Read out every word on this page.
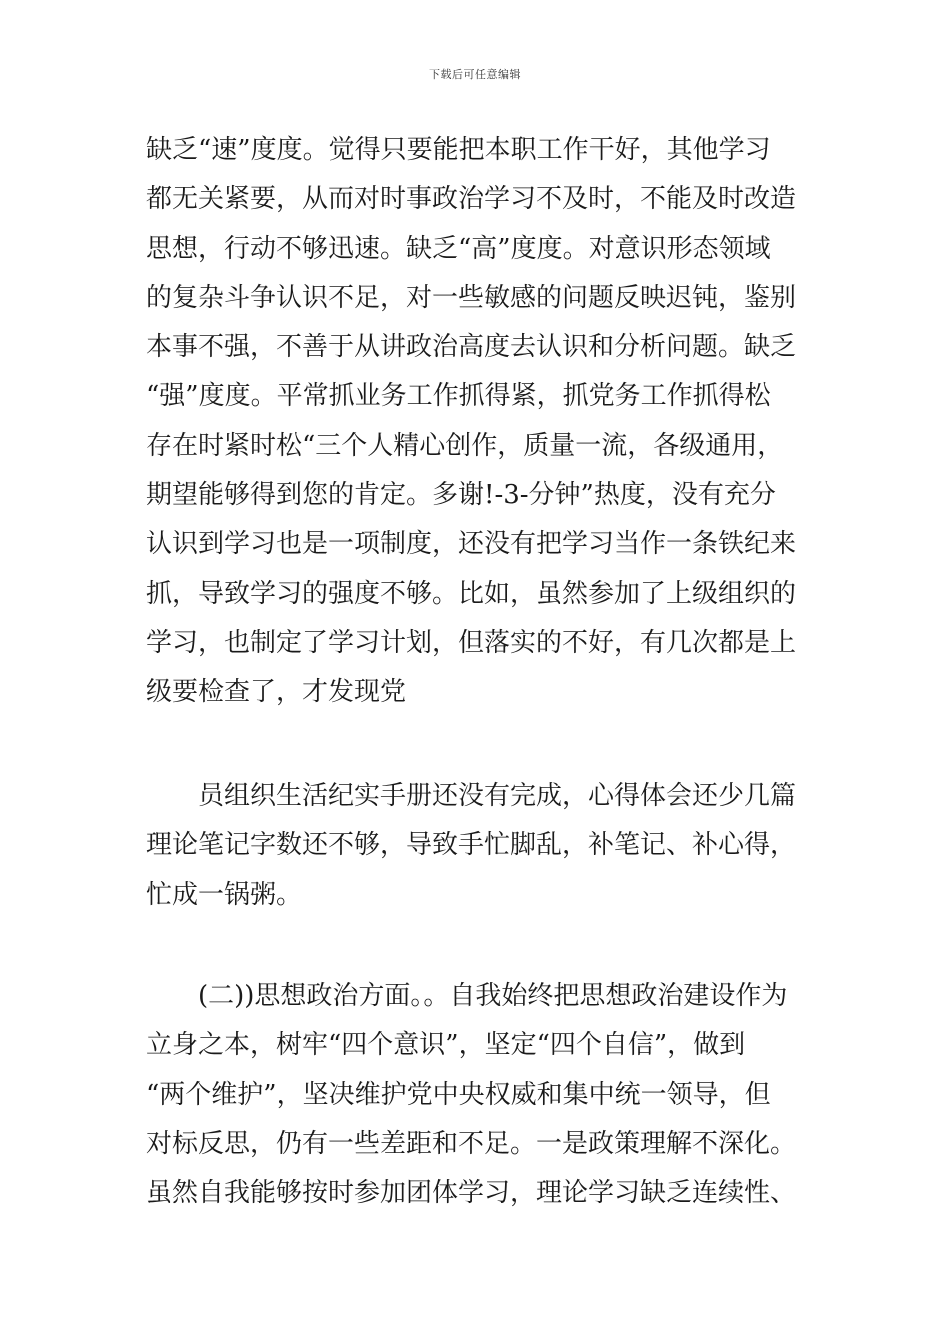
下载后可任意编辑
缺乏“速”度度。觉得只要能把本职工作干好，其他学习
都无关紧要，从而对时事政治学习不及时，不能及时改造
思想，行动不够迅速。缺乏“高”度度。对意识形态领域
的复杂斗争认识不足，对一些敏感的问题反映迟钝，鉴别
本事不强，不善于从讲政治高度去认识和分析问题。缺乏
“强”度度。平常抓业务工作抓得紧，抓党务工作抓得松
存在时紧时松“三个人精心创作，质量一流，各级通用，
期望能够得到您的肯定。多谢!-3-分钟”热度，没有充分
认识到学习也是一项制度，还没有把学习当作一条铁纪来
抓，导致学习的强度不够。比如，虽然参加了上级组织的
学习，也制定了学习计划，但落实的不好，有几次都是上
级要检查了，才发现党
员组织生活纪实手册还没有完成，心得体会还少几篇
理论笔记字数还不够，导致手忙脚乱，补笔记、补心得，
忙成一锅粥。
(二))思想政治方面。。自我始终把思想政治建设作为
立身之本，树牢“四个意识”，坚定“四个自信”，做到
“两个维护”，坚决维护党中央权威和集中统一领导，但
对标反思，仍有一些差距和不足。一是政策理解不深化。
虽然自我能够按时参加团体学习，理论学习缺乏连续性、
